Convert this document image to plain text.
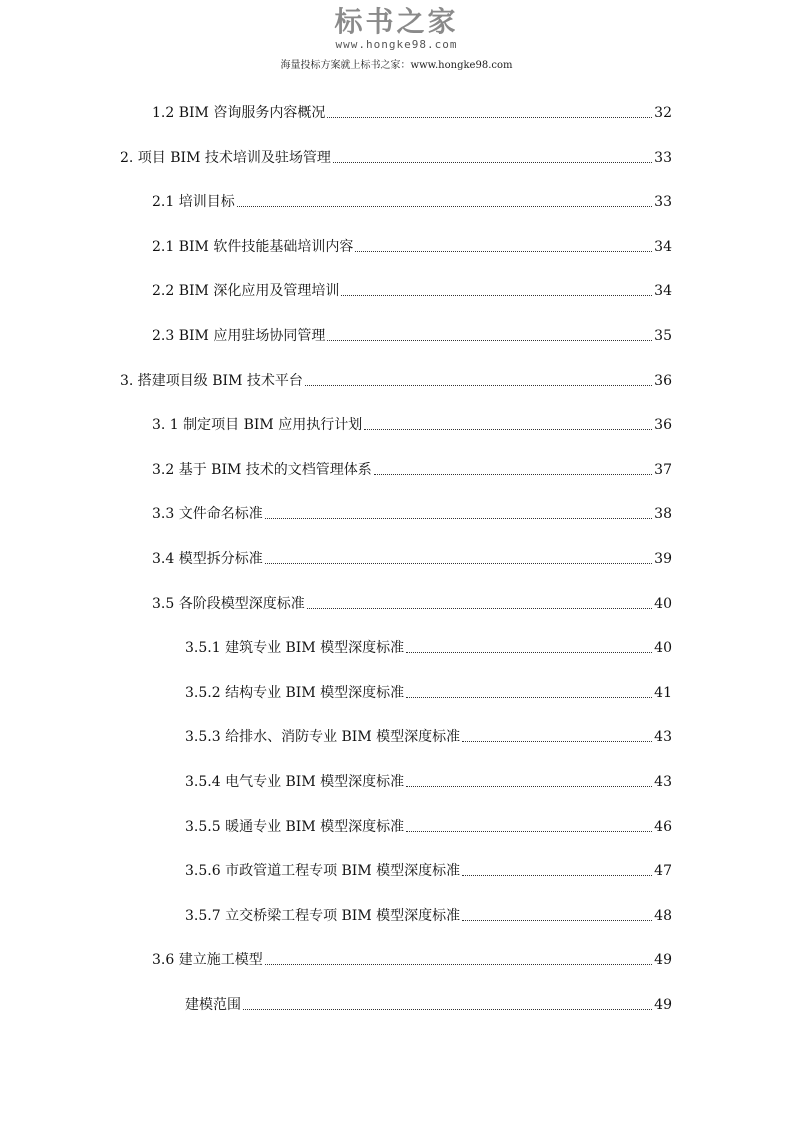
标书之家
www.hongke98.com
海量投标方案就上标书之家：www.hongke98.com
1.2 BIM 咨询服务内容概况	32
2. 项目 BIM 技术培训及驻场管理	33
2.1 培训目标	33
2.1 BIM 软件技能基础培训内容	34
2.2 BIM 深化应用及管理培训	34
2.3 BIM 应用驻场协同管理	35
3. 搭建项目级 BIM 技术平台	36
3. 1 制定项目 BIM 应用执行计划	36
3.2 基于 BIM 技术的文档管理体系	37
3.3 文件命名标准	38
3.4 模型拆分标准	39
3.5 各阶段模型深度标准	40
3.5.1 建筑专业 BIM 模型深度标准	40
3.5.2 结构专业 BIM 模型深度标准	41
3.5.3 给排水、消防专业 BIM 模型深度标准	43
3.5.4 电气专业 BIM 模型深度标准	43
3.5.5 暖通专业 BIM 模型深度标准	46
3.5.6 市政管道工程专项 BIM 模型深度标准	47
3.5.7 立交桥梁工程专项 BIM 模型深度标准	48
3.6 建立施工模型	49
建模范围	49
